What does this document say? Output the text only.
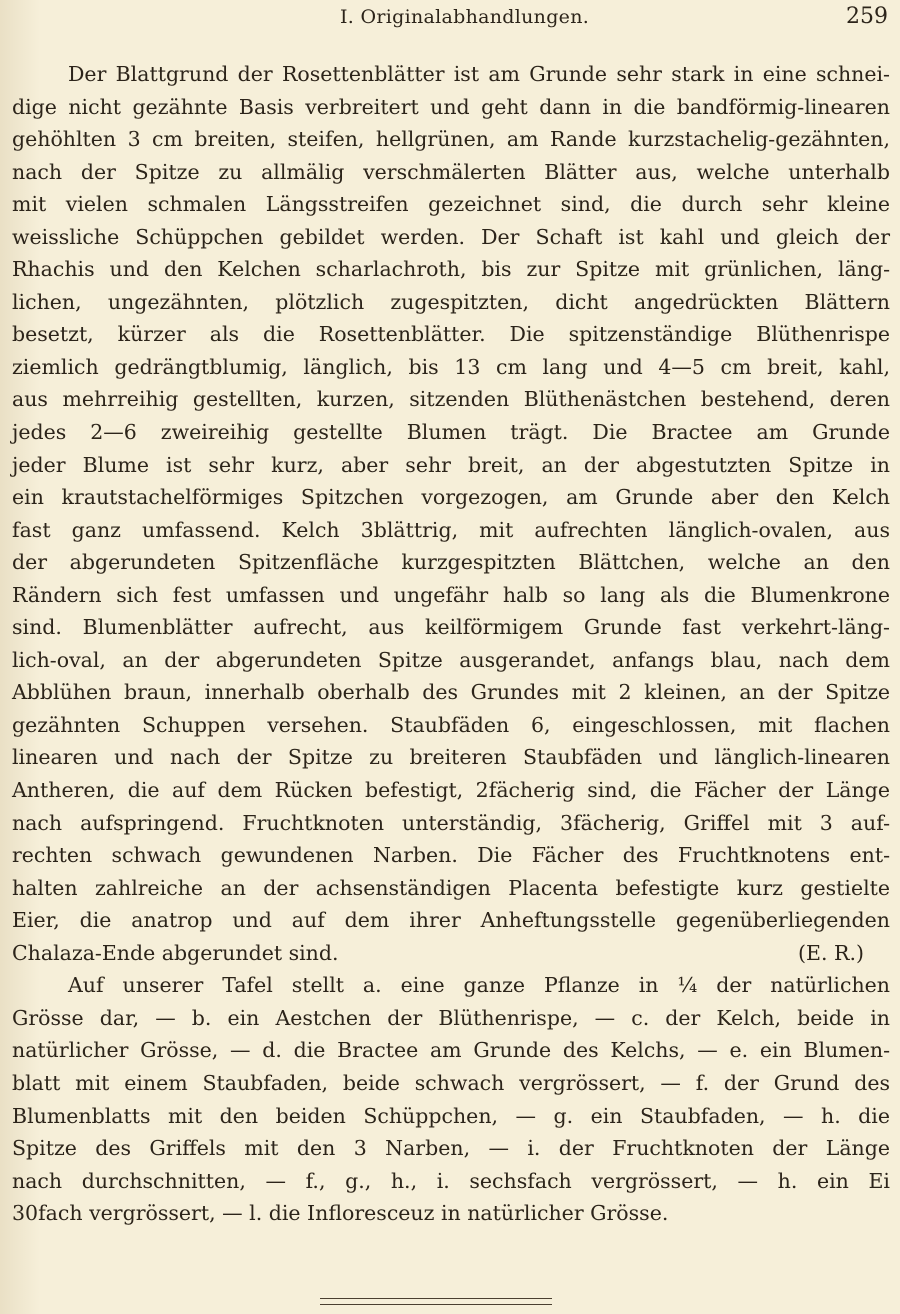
I. Originalabhandlungen.	259
Der Blattgrund der Rosettenblätter ist am Grunde sehr stark in eine schnei-
dige nicht gezähnte Basis verbreitert und geht dann in die bandförmig-linearen
gehöhlten 3 cm breiten, steifen, hellgrünen, am Rande kurzstachelig-gezähnten,
nach der Spitze zu allmälig verschmälerten Blätter aus, welche unterhalb
mit vielen schmalen Längsstreifen gezeichnet sind, die durch sehr kleine
weissliche Schüppchen gebildet werden. Der Schaft ist kahl und gleich der
Rhachis und den Kelchen scharlachroth, bis zur Spitze mit grünlichen, läng-
lichen, ungezähnten, plötzlich zugespitzten, dicht angedrückten Blättern
besetzt, kürzer als die Rosettenblätter. Die spitzenständige Blüthenrispe
ziemlich gedrängtblumig, länglich, bis 13 cm lang und 4—5 cm breit, kahl,
aus mehrreihig gestellten, kurzen, sitzenden Blüthenästchen bestehend, deren
jedes 2—6 zweireihig gestellte Blumen trägt. Die Bractee am Grunde
jeder Blume ist sehr kurz, aber sehr breit, an der abgestutzten Spitze in
ein krautstachelförmiges Spitzchen vorgezogen, am Grunde aber den Kelch
fast ganz umfassend. Kelch 3blättrig, mit aufrechten länglich-ovalen, aus
der abgerundeten Spitzenfläche kurzgespitzten Blättchen, welche an den
Rändern sich fest umfassen und ungefähr halb so lang als die Blumenkrone
sind. Blumenblätter aufrecht, aus keilförmigem Grunde fast verkehrt-läng-
lich-oval, an der abgerundeten Spitze ausgerandet, anfangs blau, nach dem
Abblühen braun, innerhalb oberhalb des Grundes mit 2 kleinen, an der Spitze
gezähnten Schuppen versehen. Staubfäden 6, eingeschlossen, mit flachen
linearen und nach der Spitze zu breiteren Staubfäden und länglich-linearen
Antheren, die auf dem Rücken befestigt, 2fächerig sind, die Fächer der Länge
nach aufspringend. Fruchtknoten unterständig, 3fächerig, Griffel mit 3 auf-
rechten schwach gewundenen Narben. Die Fächer des Fruchtknotens ent-
halten zahlreiche an der achsenständigen Placenta befestigte kurz gestielte
Eier, die anatrop und auf dem ihrer Anheftungsstelle gegenüberliegenden
Chalaza-Ende abgerundet sind.	(E. R.)
Auf unserer Tafel stellt a. eine ganze Pflanze in ¼ der natürlichen
Grösse dar, — b. ein Aestchen der Blüthenrispe, — c. der Kelch, beide in
natürlicher Grösse, — d. die Bractee am Grunde des Kelchs, — e. ein Blumen-
blatt mit einem Staubfaden, beide schwach vergrössert, — f. der Grund des
Blumenblatts mit den beiden Schüppchen, — g. ein Staubfaden, — h. die
Spitze des Griffels mit den 3 Narben, — i. der Fruchtknoten der Länge
nach durchschnitten, — f., g., h., i. sechsfach vergrössert, — h. ein Ei
30fach vergrössert, — l. die Infloresceuz in natürlicher Grösse.
